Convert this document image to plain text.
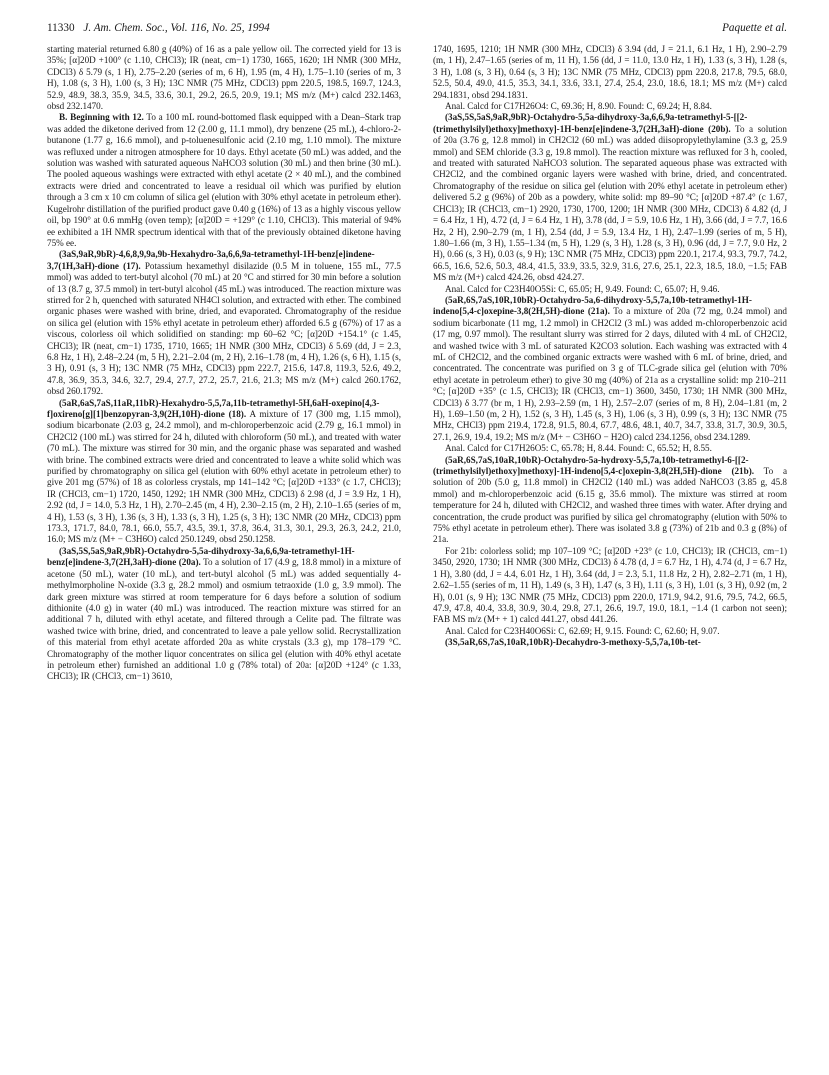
11330 J. Am. Chem. Soc., Vol. 116, No. 25, 1994	Paquette et al.

starting material returned 6.80 g (40%) of 16 as a pale yellow oil. The corrected yield for 13 is 35%; [α]20D +100° (c 1.10, CHCl3); IR (neat, cm−1) 1730, 1665, 1620; 1H NMR (300 MHz, CDCl3) δ 5.79 (s, 1 H), 2.75–2.20 (series of m, 6 H), 1.95 (m, 4 H), 1.75–1.10 (series of m, 3 H), 1.08 (s, 3 H), 1.00 (s, 3 H); 13C NMR (75 MHz, CDCl3) ppm 220.5, 198.5, 169.7, 124.3, 52.9, 48.9, 38.3, 35.9, 34.5, 33.6, 30.1, 29.2, 26.5, 20.9, 19.1; MS m/z (M+) calcd 232.1463, obsd 232.1470.

B. Beginning with 12. To a 100 mL round-bottomed flask equipped with a Dean–Stark trap was added the diketone derived from 12 (2.00 g, 11.1 mmol), dry benzene (25 mL), 4-chloro-2-butanone (1.77 g, 16.6 mmol), and p-toluenesulfonic acid (2.10 mg, 1.10 mmol). The mixture was refluxed under a nitrogen atmosphere for 10 days. Ethyl acetate (50 mL) was added, and the solution was washed with saturated aqueous NaHCO3 solution (30 mL) and then brine (30 mL). The pooled aqueous washings were extracted with ethyl acetate (2 × 40 mL), and the combined extracts were dried and concentrated to leave a residual oil which was purified by elution through a 3 cm x 10 cm column of silica gel (elution with 30% ethyl acetate in petroleum ether). Kugelrohr distillation of the purified product gave 0.40 g (16%) of 13 as a highly viscous yellow oil, bp 190° at 0.6 mmHg (oven temp); [α]20D = +129° (c 1.10, CHCl3). This material of 94% ee exhibited a 1H NMR spectrum identical with that of the previously obtained diketone having 75% ee.

(3aS,9aR,9bR)-4,6,8,9,9a,9b-Hexahydro-3a,6,6,9a-tetramethyl-1H-benz[e]indene-3,7(1H,3aH)-dione (17). Potassium hexamethyl disilazide (0.5 M in toluene, 155 mL, 77.5 mmol) was added to tert-butyl alcohol (70 mL) at 20 °C and stirred for 30 min before a solution of 13 (8.7 g, 37.5 mmol) in tert-butyl alcohol (45 mL) was introduced. The reaction mixture was stirred for 2 h, quenched with saturated NH4Cl solution, and extracted with ether. The combined organic phases were washed with brine, dried, and evaporated. Chromatography of the residue on silica gel (elution with 15% ethyl acetate in petroleum ether) afforded 6.5 g (67%) of 17 as a viscous, colorless oil which solidified on standing: mp 60–62 °C; [α]20D +154.1° (c 1.45, CHCl3); IR (neat, cm−1) 1735, 1710, 1665; 1H NMR (300 MHz, CDCl3) δ 5.69 (dd, J = 2.3, 6.8 Hz, 1 H), 2.48–2.24 (m, 5 H), 2.21–2.04 (m, 2 H), 2.16–1.78 (m, 4 H), 1.26 (s, 6 H), 1.15 (s, 3 H), 0.91 (s, 3 H); 13C NMR (75 MHz, CDCl3) ppm 222.7, 215.6, 147.8, 119.3, 52.6, 49.2, 47.8, 36.9, 35.3, 34.6, 32.7, 29.4, 27.7, 27.2, 25.7, 21.6, 21.3; MS m/z (M+) calcd 260.1762, obsd 260.1792.

(5aR,6aS,7aS,11aR,11bR)-Hexahydro-5,5,7a,11b-tetramethyl-5H,6aH-oxepino[4,3-f]oxireno[g][1]benzopyran-3,9(2H,10H)-dione (18). A mixture of 17 (300 mg, 1.15 mmol), sodium bicarbonate (2.03 g, 24.2 mmol), and m-chloroperbenzoic acid (2.79 g, 16.1 mmol) in CH2Cl2 (100 mL) was stirred for 24 h, diluted with chloroform (50 mL), and treated with water (70 mL). The mixture was stirred for 30 min, and the organic phase was separated and washed with brine. The combined extracts were dried and concentrated to leave a white solid which was purified by chromatography on silica gel (elution with 60% ethyl acetate in petroleum ether) to give 201 mg (57%) of 18 as colorless crystals, mp 141–142 °C; [α]20D +133° (c 1.7, CHCl3); IR (CHCl3, cm−1) 1720, 1450, 1292; 1H NMR (300 MHz, CDCl3) δ 2.98 (d, J = 3.9 Hz, 1 H), 2.92 (td, J = 14.0, 5.3 Hz, 1 H), 2.70–2.45 (m, 4 H), 2.30–2.15 (m, 2 H), 2.10–1.65 (series of m, 4 H), 1.53 (s, 3 H), 1.36 (s, 3 H), 1.33 (s, 3 H), 1.25 (s, 3 H); 13C NMR (20 MHz, CDCl3) ppm 173.3, 171.7, 84.0, 78.1, 66.0, 55.7, 43.5, 39.1, 37.8, 36.4, 31.3, 30.1, 29.3, 26.3, 24.2, 21.0, 16.0; MS m/z (M+ − C3H6O) calcd 250.1249, obsd 250.1258.

(3aS,5S,5aS,9aR,9bR)-Octahydro-5,5a-dihydroxy-3a,6,6,9a-tetramethyl-1H-benz[e]indene-3,7(2H,3aH)-dione (20a). To a solution of 17 (4.9 g, 18.8 mmol) in a mixture of acetone (50 mL), water (10 mL), and tert-butyl alcohol (5 mL) was added sequentially 4-methylmorpholine N-oxide (3.3 g, 28.2 mmol) and osmium tetraoxide (1.0 g, 3.9 mmol). The dark green mixture was stirred at room temperature for 6 days before a solution of sodium dithionite (4.0 g) in water (40 mL) was introduced. The reaction mixture was stirred for an additional 7 h, diluted with ethyl acetate, and filtered through a Celite pad. The filtrate was washed twice with brine, dried, and concentrated to leave a pale yellow solid. Recrystallization of this material from ethyl acetate afforded 20a as white crystals (3.3 g), mp 178–179 °C. Chromatography of the mother liquor concentrates on silica gel (elution with 40% ethyl acetate in petroleum ether) furnished an additional 1.0 g (78% total) of 20a: [α]20D +124° (c 1.33, CHCl3); IR (CHCl3, cm−1) 3610,

1740, 1695, 1210; 1H NMR (300 MHz, CDCl3) δ 3.94 (dd, J = 21.1, 6.1 Hz, 1 H), 2.90–2.79 (m, 1 H), 2.47–1.65 (series of m, 11 H), 1.56 (dd, J = 11.0, 13.0 Hz, 1 H), 1.33 (s, 3 H), 1.28 (s, 3 H), 1.08 (s, 3 H), 0.64 (s, 3 H); 13C NMR (75 MHz, CDCl3) ppm 220.8, 217.8, 79.5, 68.0, 52.5, 50.4, 49.0, 41.5, 35.3, 34.1, 33.6, 33.1, 27.4, 25.4, 23.0, 18.6, 18.1; MS m/z (M+) calcd 294.1831, obsd 294.1831.

Anal. Calcd for C17H26O4: C, 69.36; H, 8.90. Found: C, 69.24; H, 8.84.

(3aS,5S,5aS,9aR,9bR)-Octahydro-5,5a-dihydroxy-3a,6,6,9a-tetramethyl-5-[[2-(trimethylsilyl)ethoxy]methoxy]-1H-benz[e]indene-3,7(2H,3aH)-dione (20b). To a solution of 20a (3.76 g, 12.8 mmol) in CH2Cl2 (60 mL) was added diisopropylethylamine (3.3 g, 25.9 mmol) and SEM chloride (3.3 g, 19.8 mmol). The reaction mixture was refluxed for 3 h, cooled, and treated with saturated NaHCO3 solution. The separated aqueous phase was extracted with CH2Cl2, and the combined organic layers were washed with brine, dried, and concentrated. Chromatography of the residue on silica gel (elution with 20% ethyl acetate in petroleum ether) delivered 5.2 g (96%) of 20b as a powdery, white solid: mp 89–90 °C; [α]20D +87.4° (c 1.67, CHCl3); IR (CHCl3, cm−1) 2920, 1730, 1700, 1200; 1H NMR (300 MHz, CDCl3) δ 4.82 (d, J = 6.4 Hz, 1 H), 4.72 (d, J = 6.4 Hz, 1 H), 3.78 (dd, J = 5.9, 10.6 Hz, 1 H), 3.66 (dd, J = 7.7, 16.6 Hz, 2 H), 2.90–2.79 (m, 1 H), 2.54 (dd, J = 5.9, 13.4 Hz, 1 H), 2.47–1.99 (series of m, 5 H), 1.80–1.66 (m, 3 H), 1.55–1.34 (m, 5 H), 1.29 (s, 3 H), 1.28 (s, 3 H), 0.96 (dd, J = 7.7, 9.0 Hz, 2 H), 0.66 (s, 3 H), 0.03 (s, 9 H); 13C NMR (75 MHz, CDCl3) ppm 220.1, 217.4, 93.3, 79.7, 74.2, 66.5, 16.6, 52.6, 50.3, 48.4, 41.5, 33.9, 33.5, 32.9, 31.6, 27.6, 25.1, 22.3, 18.5, 18.0, −1.5; FAB MS m/z (M+) calcd 424.26, obsd 424.27.

Anal. Calcd for C23H40O5Si: C, 65.05; H, 9.49. Found: C, 65.07; H, 9.46.

(5aR,6S,7aS,10R,10bR)-Octahydro-5a,6-dihydroxy-5,5,7a,10b-tetramethyl-1H-indeno[5,4-c]oxepine-3,8(2H,5H)-dione (21a). To a mixture of 20a (72 mg, 0.24 mmol) and sodium bicarbonate (11 mg, 1.2 mmol) in CH2Cl2 (3 mL) was added m-chloroperbenzoic acid (17 mg, 0.97 mmol). The resultant slurry was stirred for 2 days, diluted with 4 mL of CH2Cl2, and washed twice with 3 mL of saturated K2CO3 solution. Each washing was extracted with 4 mL of CH2Cl2, and the combined organic extracts were washed with 6 mL of brine, dried, and concentrated. The concentrate was purified on 3 g of TLC-grade silica gel (elution with 70% ethyl acetate in petroleum ether) to give 30 mg (40%) of 21a as a crystalline solid: mp 210–211 °C; [α]20D +35° (c 1.5, CHCl3); IR (CHCl3, cm−1) 3600, 3450, 1730; 1H NMR (300 MHz, CDCl3) δ 3.77 (br m, 1 H), 2.93–2.59 (m, 1 H), 2.57–2.07 (series of m, 8 H), 2.04–1.81 (m, 2 H), 1.69–1.50 (m, 2 H), 1.52 (s, 3 H), 1.45 (s, 3 H), 1.06 (s, 3 H), 0.99 (s, 3 H); 13C NMR (75 MHz, CHCl3) ppm 219.4, 172.8, 91.5, 80.4, 67.7, 48.6, 48.1, 40.7, 34.7, 33.8, 31.7, 30.9, 30.5, 27.1, 26.9, 19.4, 19.2; MS m/z (M+ − C3H6O − H2O) calcd 234.1256, obsd 234.1289.

Anal. Calcd for C17H26O5: C, 65.78; H, 8.44. Found: C, 65.52; H, 8.55.

(5aR,6S,7aS,10aR,10bR)-Octahydro-5a-hydroxy-5,5,7a,10b-tetramethyl-6-[[2-(trimethylsilyl)ethoxy]methoxy]-1H-indeno[5,4-c]oxepin-3,8(2H,5H)-dione (21b). To a solution of 20b (5.0 g, 11.8 mmol) in CH2Cl2 (140 mL) was added NaHCO3 (3.85 g, 45.8 mmol) and m-chloroperbenzoic acid (6.15 g, 35.6 mmol). The mixture was stirred at room temperature for 24 h, diluted with CH2Cl2, and washed three times with water. After drying and concentration, the crude product was purified by silica gel chromatography (elution with 50% to 75% ethyl acetate in petroleum ether). There was isolated 3.8 g (73%) of 21b and 0.3 g (8%) of 21a.

For 21b: colorless solid; mp 107–109 °C; [α]20D +23° (c 1.0, CHCl3); IR (CHCl3, cm−1) 3450, 2920, 1730; 1H NMR (300 MHz, CDCl3) δ 4.78 (d, J = 6.7 Hz, 1 H), 4.74 (d, J = 6.7 Hz, 1 H), 3.80 (dd, J = 4.4, 6.01 Hz, 1 H), 3.64 (dd, J = 2.3, 5.1, 11.8 Hz, 2 H), 2.82–2.71 (m, 1 H), 2.62–1.55 (series of m, 11 H), 1.49 (s, 3 H), 1.47 (s, 3 H), 1.11 (s, 3 H), 1.01 (s, 3 H), 0.92 (m, 2 H), 0.01 (s, 9 H); 13C NMR (75 MHz, CDCl3) ppm 220.0, 171.9, 94.2, 91.6, 79.5, 74.2, 66.5, 47.9, 47.8, 40.4, 33.8, 30.9, 30.4, 29.8, 27.1, 26.6, 19.7, 19.0, 18.1, −1.4 (1 carbon not seen); FAB MS m/z (M+ + 1) calcd 441.27, obsd 441.26.

Anal. Calcd for C23H40O6Si: C, 62.69; H, 9.15. Found: C, 62.60; H, 9.07.

(3S,5aR,6S,7aS,10aR,10bR)-Decahydro-3-methoxy-5,5,7a,10b-tet-
